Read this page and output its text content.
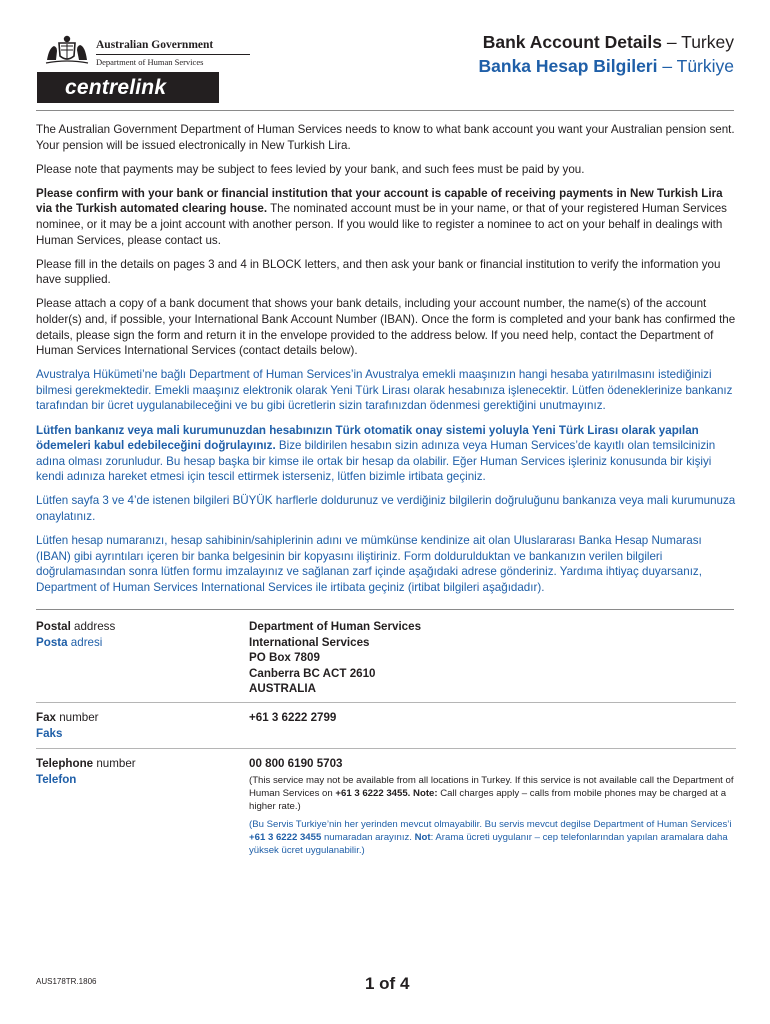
Australian Government
Department of Human Services
centrelink
Bank Account Details – Turkey
Banka Hesap Bilgileri – Türkiye

The Australian Government Department of Human Services needs to know to what bank account you want your Australian pension sent. Your pension will be issued electronically in New Turkish Lira.

Please note that payments may be subject to fees levied by your bank, and such fees must be paid by you.

Please confirm with your bank or financial institution that your account is capable of receiving payments in New Turkish Lira via the Turkish automated clearing house. The nominated account must be in your name, or that of your registered Human Services nominee, or it may be a joint account with another person. If you would like to register a nominee to act on your behalf in dealings with Human Services, please contact us.

Please fill in the details on pages 3 and 4 in BLOCK letters, and then ask your bank or financial institution to verify the information you have supplied.

Please attach a copy of a bank document that shows your bank details, including your account number, the name(s) of the account holder(s) and, if possible, your International Bank Account Number (IBAN). Once the form is completed and your bank has confirmed the details, please sign the form and return it in the envelope provided to the address below. If you need help, contact the Department of Human Services International Services (contact details below).

Avustralya Hükümeti’ne bağlı Department of Human Services’in Avustralya emekli maaşınızın hangi hesaba yatırılmasını istediğinizi bilmesi gerekmektedir. Emekli maaşınız elektronik olarak Yeni Türk Lirası olarak hesabınıza işlenecektir. Lütfen ödeneklerinize bankanız tarafından bir ücret uygulanabileceğini ve bu gibi ücretlerin sizin tarafınızdan ödenmesi gerektiğini unutmayınız.

Lütfen bankanız veya mali kurumunuzdan hesabınızın Türk otomatik onay sistemi yoluyla Yeni Türk Lirası olarak yapılan ödemeleri kabul edebileceğini doğrulayınız. Bize bildirilen hesabın sizin adınıza veya Human Services’de kayıtlı olan temsilcinizin adına olması zorunludur. Bu hesap başka bir kimse ile ortak bir hesap da olabilir. Eğer Human Services işleriniz konusunda bir kişiyi kendi adınıza hareket etmesi için tescil ettirmek isterseniz, lütfen bizimle irtibata geçiniz.

Lütfen sayfa 3 ve 4’de istenen bilgileri BÜYÜK harflerle doldurunuz ve verdiğiniz bilgilerin doğruluğunu bankanıza veya mali kurumunuza onaylatınız.

Lütfen hesap numaranızı, hesap sahibinin/sahiplerinin adını ve mümkünse kendinize ait olan Uluslararası Banka Hesap Numarası (IBAN) gibi ayrıntıları içeren bir banka belgesinin bir kopyasını iliştiriniz. Form doldurulduktan ve bankanızın verilen bilgileri doğrulamasından sonra lütfen formu imzalayınız ve sağlanan zarf içinde aşağıdaki adrese gönderiniz. Yardıma ihtiyaç duyarsanız, Department of Human Services International Services ile irtibata geçiniz (irtibat bilgileri aşağıdadır).

Postal address
Posta adresi
Department of Human Services
International Services
PO Box 7809
Canberra BC ACT 2610
AUSTRALIA
Fax number
Faks
+61 3 6222 2799
Telephone number
Telefon
00 800 6190 5703
(This service may not be available from all locations in Turkey. If this service is not available call the Department of Human Services on +61 3 6222 3455. Note: Call charges apply – calls from mobile phones may be charged at a higher rate.)
(Bu Servis Turkiye’nin her yerinden mevcut olmayabilir. Bu servis mevcut degilse Department of Human Services’i +61 3 6222 3455 numaradan arayınız. Not: Arama ücreti uygulanır – cep telefonlarından yapılan aramalara daha yüksek ücret uygulanabilir.)
AUS178TR.1806	1 of 4
